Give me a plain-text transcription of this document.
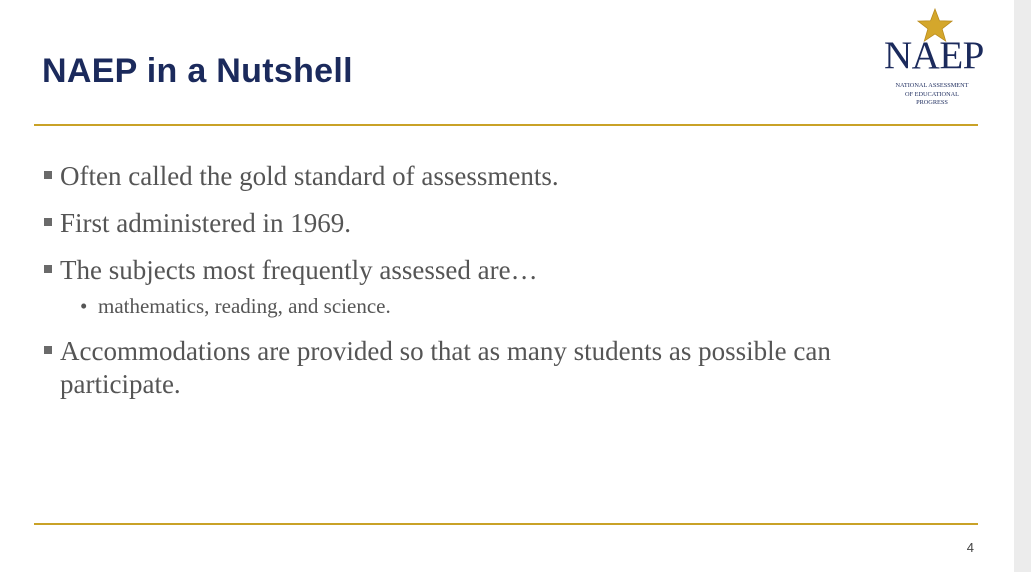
NAEP in a Nutshell	NAEP
NATIONAL ASSESSMENT
OF EDUCATIONAL
PROGRESS
Often called the gold standard of assessments.
First administered in 1969.
The subjects most frequently assessed are…
• mathematics, reading, and science.
Accommodations are provided so that as many students as possible can participate.
4
